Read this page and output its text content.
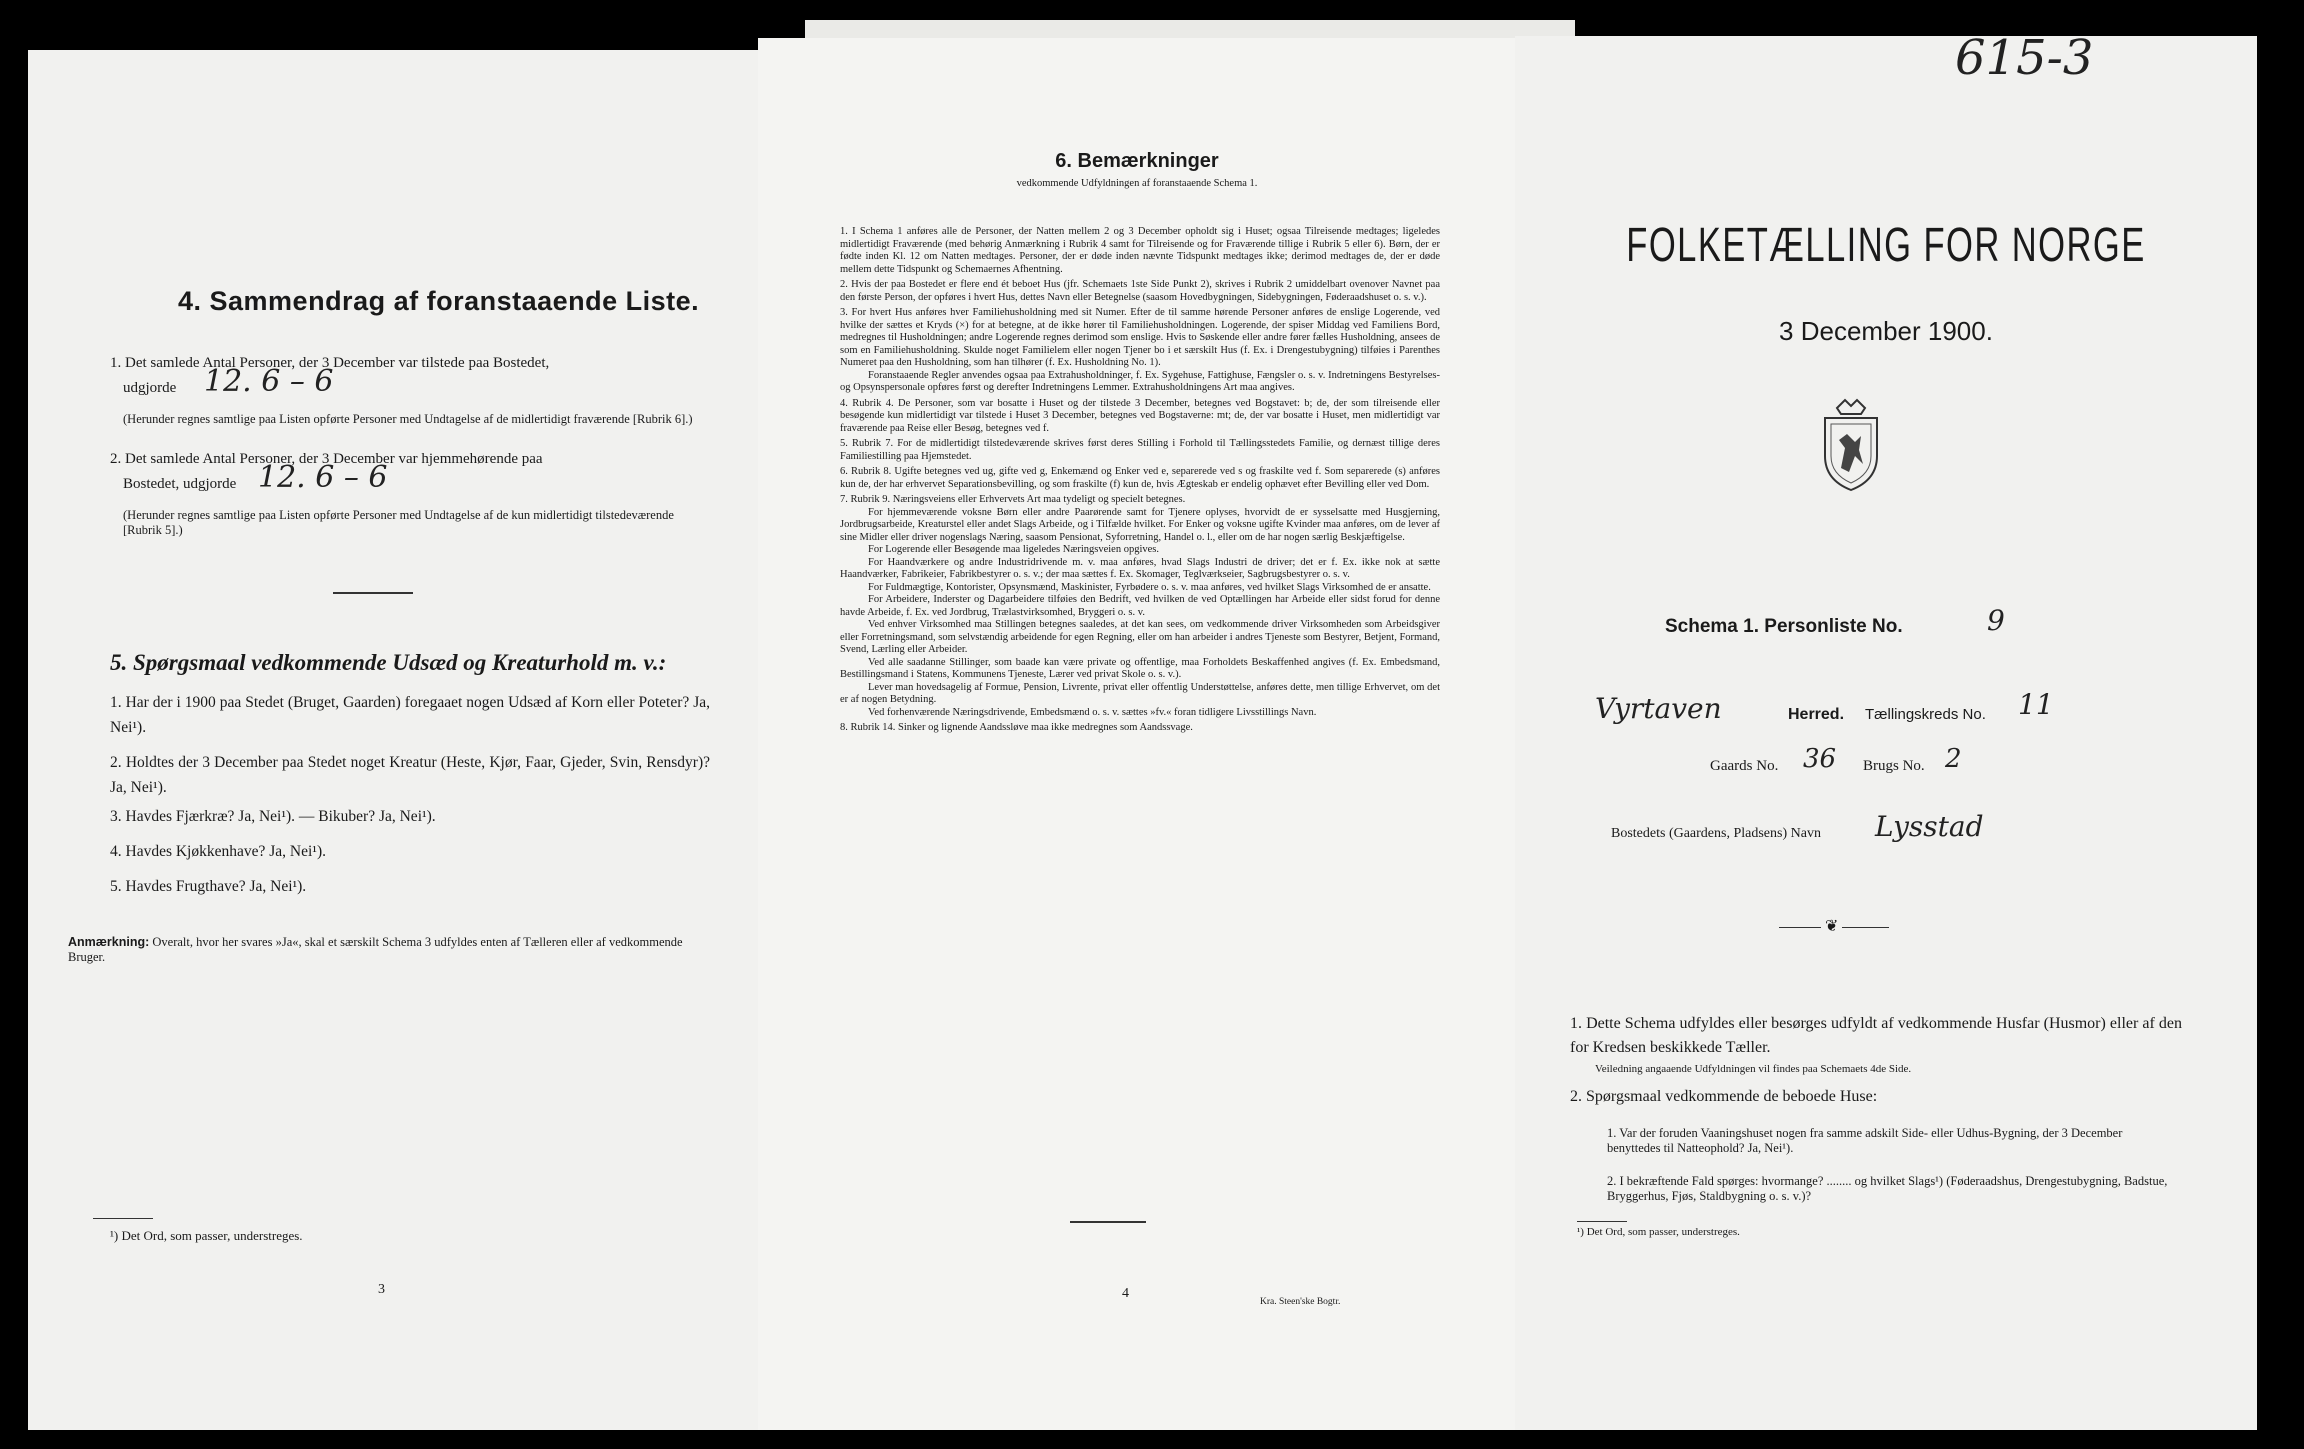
4. Sammendrag af foranstaaende Liste.
1. Det samlede Antal Personer, der 3 December var tilstede paa Bostedet,
udgjorde 12. 6 – 6
(Herunder regnes samtlige paa Listen opførte Personer med Undtagelse af de midlertidigt fraværende [Rubrik 6].)
2. Det samlede Antal Personer, der 3 December var hjemmehørende paa
Bostedet, udgjorde 12. 6 – 6
(Herunder regnes samtlige paa Listen opførte Personer med Undtagelse af de kun midlertidigt tilstedeværende [Rubrik 5].)
5. Spørgsmaal vedkommende Udsæd og Kreaturhold m. v.:
1. Har der i 1900 paa Stedet (Bruget, Gaarden) foregaaet nogen Udsæd af Korn eller Poteter? Ja, Nei¹).
2. Holdtes der 3 December paa Stedet noget Kreatur (Heste, Kjør, Faar, Gjeder, Svin, Rensdyr)? Ja, Nei¹).
3. Havdes Fjærkræ? Ja, Nei¹). — Bikuber? Ja, Nei¹).
4. Havdes Kjøkkenhave? Ja, Nei¹).
5. Havdes Frugthave? Ja, Nei¹).
Anmærkning: Overalt, hvor her svares »Ja«, skal et særskilt Schema 3 udfyldes enten af Tælleren eller af vedkommende Bruger.
¹) Det Ord, som passer, understreges.
3
6. Bemærkninger
vedkommende Udfyldningen af foranstaaende Schema 1.

1. I Schema 1 anføres alle de Personer, der Natten mellem 2 og 3 December opholdt sig i Huset; ogsaa Tilreisende medtages; ligeledes midlertidigt Fraværende (med behørig Anmærkning i Rubrik 4 samt for Tilreisende og for Fraværende tillige i Rubrik 5 eller 6). Børn, der er fødte inden Kl. 12 om Natten medtages. Personer, der er døde inden nævnte Tidspunkt medtages ikke; derimod medtages de, der er døde mellem dette Tidspunkt og Schemaernes Afhentning.

2. Hvis der paa Bostedet er flere end ét beboet Hus (jfr. Schemaets 1ste Side Punkt 2), skrives i Rubrik 2 umiddelbart ovenover Navnet paa den første Person, der opføres i hvert Hus, dettes Navn eller Betegnelse (saasom Hovedbygningen, Sidebygningen, Føderaadshuset o. s. v.).

3. For hvert Hus anføres hver Familiehusholdning med sit Numer. Efter de til samme hørende Personer anføres de enslige Logerende, ved hvilke der sættes et Kryds (×) for at betegne, at de ikke hører til Familiehusholdningen. Logerende, der spiser Middag ved Familiens Bord, medregnes til Husholdningen; andre Logerende regnes derimod som enslige. Hvis to Søskende eller andre fører fælles Husholdning, ansees de som en Familiehusholdning. Skulde noget Familielem eller nogen Tjener bo i et særskilt Hus (f. Ex. i Drengestubygning) tilføies i Parenthes Numeret paa den Husholdning, som han tilhører (f. Ex. Husholdning No. 1).

Foranstaaende Regler anvendes ogsaa paa Extrahusholdninger, f. Ex. Sygehuse, Fattighuse, Fængsler o. s. v. Indretningens Bestyrelses- og Opsynspersonale opføres først og derefter Indretningens Lemmer. Extrahusholdningens Art maa angives.

4. Rubrik 4. De Personer, som var bosatte i Huset og der tilstede 3 December, betegnes ved Bogstavet: b; de, der som tilreisende eller besøgende kun midlertidigt var tilstede i Huset 3 December, betegnes ved Bogstaverne: mt; de, der var bosatte i Huset, men midlertidigt var fraværende paa Reise eller Besøg, betegnes ved f.

5. Rubrik 7. For de midlertidigt tilstedeværende skrives først deres Stilling i Forhold til Tællingsstedets Familie, og dernæst tillige deres Familiestilling paa Hjemstedet.

6. Rubrik 8. Ugifte betegnes ved ug, gifte ved g, Enkemænd og Enker ved e, separerede ved s og fraskilte ved f. Som separerede (s) anføres kun de, der har erhvervet Separationsbevilling, og som fraskilte (f) kun de, hvis Ægteskab er endelig ophævet efter Bevilling eller ved Dom.

7. Rubrik 9. Næringsveiens eller Erhvervets Art maa tydeligt og specielt betegnes.

For hjemmeværende voksne Børn eller andre Paarørende samt for Tjenere oplyses, hvorvidt de er sysselsatte med Husgjerning, Jordbrugsarbeide, Kreaturstel eller andet Slags Arbeide, og i Tilfælde hvilket. For Enker og voksne ugifte Kvinder maa anføres, om de lever af sine Midler eller driver nogenslags Næring, saasom Pensionat, Syforretning, Handel o. l., eller om de har nogen særlig Beskjæftigelse.

For Logerende eller Besøgende maa ligeledes Næringsveien opgives.

For Haandværkere og andre Industridrivende m. v. maa anføres, hvad Slags Industri de driver; det er f. Ex. ikke nok at sætte Haandværker, Fabrikeier, Fabrikbestyrer o. s. v.; der maa sættes f. Ex. Skomager, Teglværkseier, Sagbrugsbestyrer o. s. v.

For Fuldmægtige, Kontorister, Opsynsmænd, Maskinister, Fyrbødere o. s. v. maa anføres, ved hvilket Slags Virksomhed de er ansatte.

For Arbeidere, Inderster og Dagarbeidere tilføies den Bedrift, ved hvilken de ved Optællingen har Arbeide eller sidst forud for denne havde Arbeide, f. Ex. ved Jordbrug, Trælastvirksomhed, Bryggeri o. s. v.

Ved enhver Virksomhed maa Stillingen betegnes saaledes, at det kan sees, om vedkommende driver Virksomheden som Arbeidsgiver eller Forretningsmand, som selvstændig arbeidende for egen Regning, eller om han arbeider i andres Tjeneste som Bestyrer, Betjent, Formand, Svend, Lærling eller Arbeider.

Ved alle saadanne Stillinger, som baade kan være private og offentlige, maa Forholdets Beskaffenhed angives (f. Ex. Embedsmand, Bestillingsmand i Statens, Kommunens Tjeneste, Lærer ved privat Skole o. s. v.).

Lever man hovedsagelig af Formue, Pension, Livrente, privat eller offentlig Understøttelse, anføres dette, men tillige Erhvervet, om det er af nogen Betydning.

Ved forhenværende Næringsdrivende, Embedsmænd o. s. v. sættes »fv.« foran tidligere Livsstillings Navn.

8. Rubrik 14. Sinker og lignende Aandssløve maa ikke medregnes som Aandssvage.

4
Kra. Steen'ske Bogtr.
615-3
FOLKETÆLLING FOR NORGE
3 December 1900.
Schema 1. Personliste No.	9
Vyrtaven	Herred. Tællingskreds No. 11
Gaards No. 36 Brugs No. 2
Bostedets (Gaardens, Pladsens) Navn Lysstad
❦
1. Dette Schema udfyldes eller besørges udfyldt af vedkommende Husfar (Husmor) eller af den for Kredsen beskikkede Tæller.
Veiledning angaaende Udfyldningen vil findes paa Schemaets 4de Side.
2. Spørgsmaal vedkommende de beboede Huse:
1. Var der foruden Vaaningshuset nogen fra samme adskilt Side- eller Udhus-Bygning, der 3 December benyttedes til Natteophold? Ja, Nei¹).
2. I bekræftende Fald spørges: hvormange? ........ og hvilket Slags¹) (Føderaadshus, Drengestubygning, Badstue, Bryggerhus, Fjøs, Staldbygning o. s. v.)?
¹) Det Ord, som passer, understreges.
